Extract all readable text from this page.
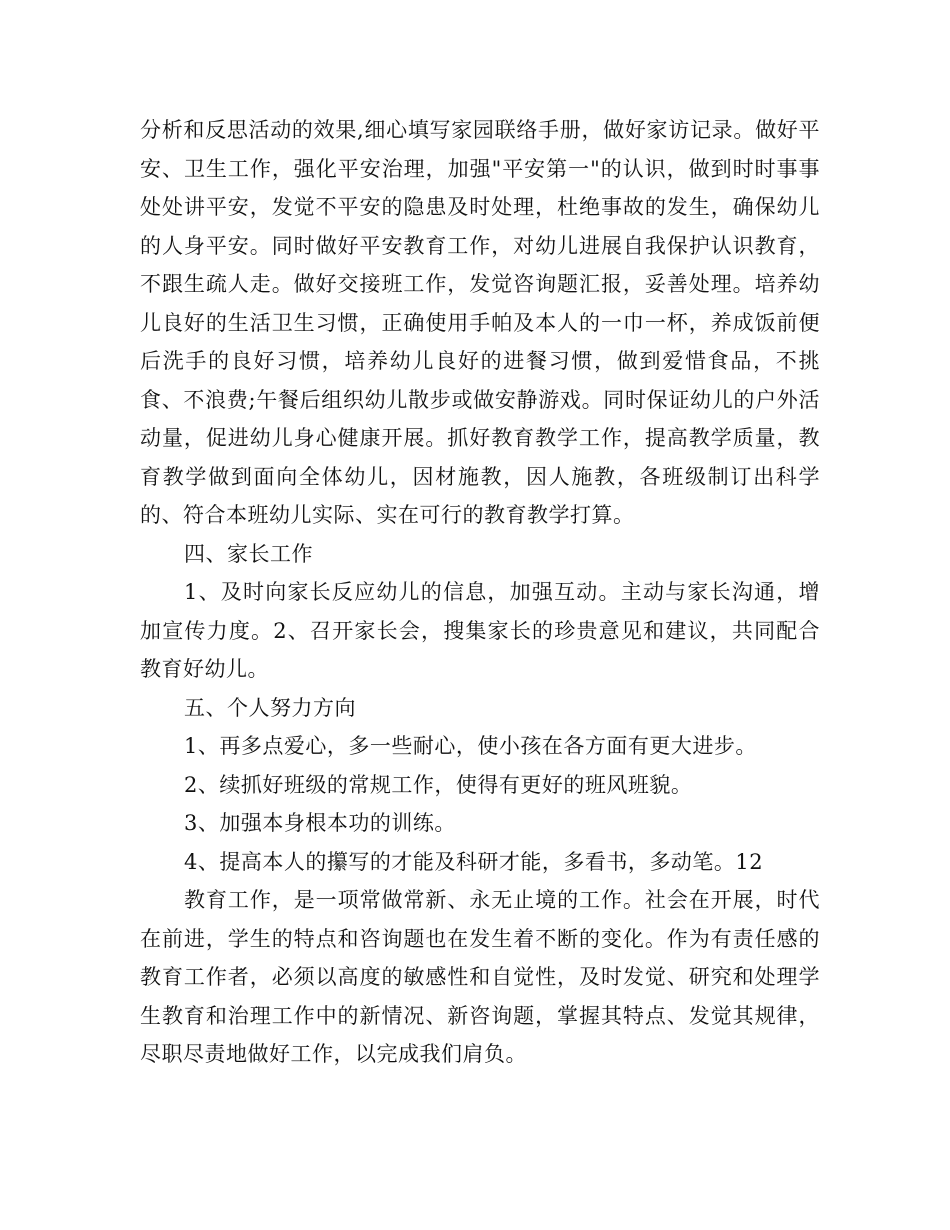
分析和反思活动的效果,细心填写家园联络手册，做好家访记录。做好平安、卫生工作，强化平安治理，加强"平安第一"的认识，做到时时事事处处讲平安，发觉不平安的隐患及时处理，杜绝事故的发生，确保幼儿的人身平安。同时做好平安教育工作，对幼儿进展自我保护认识教育，不跟生疏人走。做好交接班工作，发觉咨询题汇报，妥善处理。培养幼儿良好的生活卫生习惯，正确使用手帕及本人的一巾一杯，养成饭前便后洗手的良好习惯，培养幼儿良好的进餐习惯，做到爱惜食品，不挑食、不浪费;午餐后组织幼儿散步或做安静游戏。同时保证幼儿的户外活动量，促进幼儿身心健康开展。抓好教育教学工作，提高教学质量，教育教学做到面向全体幼儿，因材施教，因人施教，各班级制订出科学的、符合本班幼儿实际、实在可行的教育教学打算。

四、家长工作

1、及时向家长反应幼儿的信息，加强互动。主动与家长沟通，增加宣传力度。2、召开家长会，搜集家长的珍贵意见和建议，共同配合教育好幼儿。

五、个人努力方向

1、再多点爱心，多一些耐心，使小孩在各方面有更大进步。

2、续抓好班级的常规工作，使得有更好的班风班貌。

3、加强本身根本功的训练。

4、提高本人的攥写的才能及科研才能，多看书，多动笔。12

教育工作，是一项常做常新、永无止境的工作。社会在开展，时代在前进，学生的特点和咨询题也在发生着不断的变化。作为有责任感的教育工作者，必须以高度的敏感性和自觉性，及时发觉、研究和处理学生教育和治理工作中的新情况、新咨询题，掌握其特点、发觉其规律，尽职尽责地做好工作，以完成我们肩负。
